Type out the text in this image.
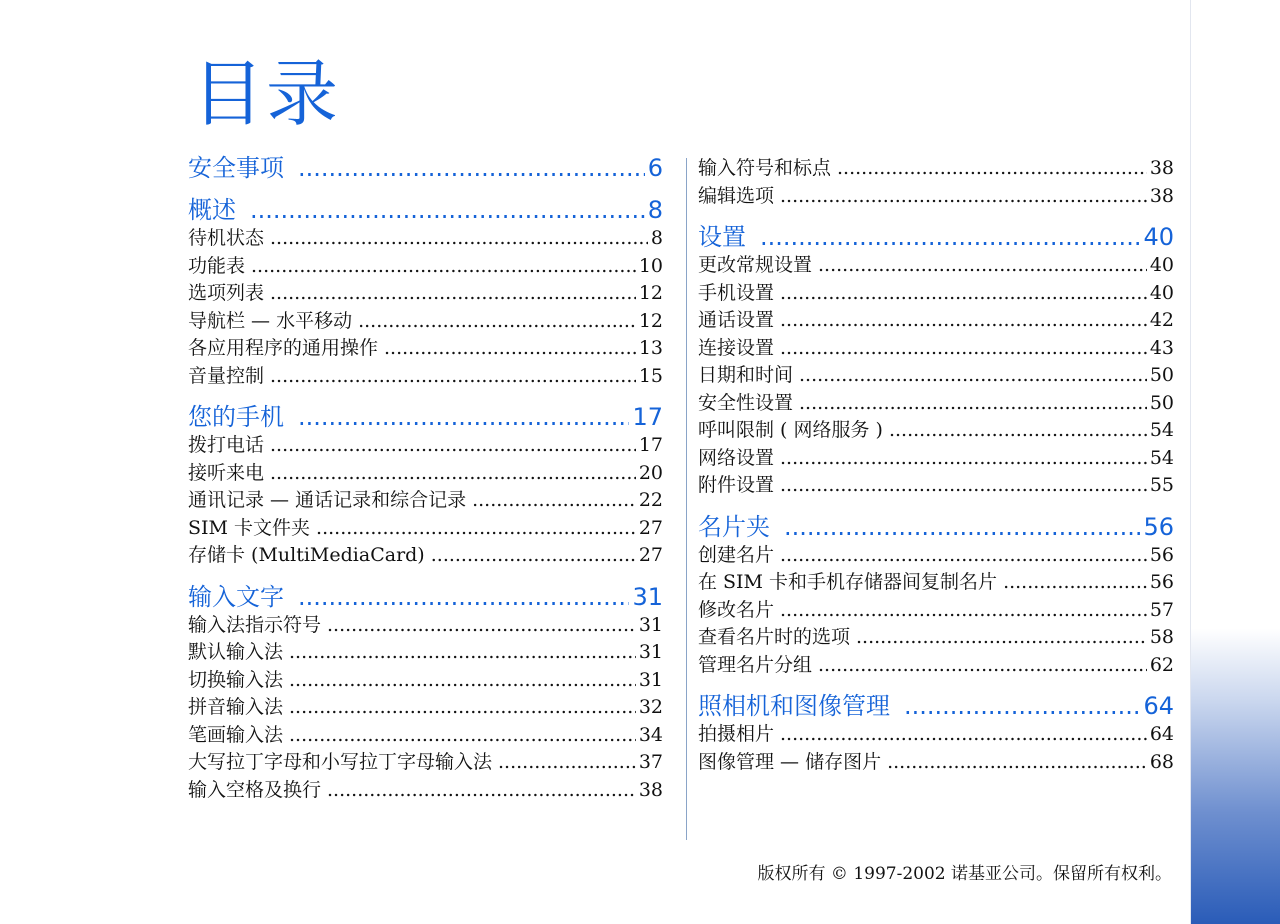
目录
安全事项 .....	6
概述 .....	8
待机状态 .....	8
功能表 .....	10
选项列表 .....	12
导航栏 — 水平移动 .....	12
各应用程序的通用操作 .....	13
音量控制 .....	15
您的手机 .....	17
拨打电话 .....	17
接听来电 .....	20
通讯记录 — 通话记录和综合记录 .....	22
SIM 卡文件夹 .....	27
存储卡 (MultiMediaCard) .....	27
输入文字 .....	31
输入法指示符号 .....	31
默认输入法 .....	31
切换输入法 .....	31
拼音输入法 .....	32
笔画输入法 .....	34
大写拉丁字母和小写拉丁字母输入法 .....	37
输入空格及换行 .....	38
输入符号和标点 .....	38
编辑选项 .....	38
设置 .....	40
更改常规设置 .....	40
手机设置 .....	40
通话设置 .....	42
连接设置 .....	43
日期和时间 .....	50
安全性设置 .....	50
呼叫限制 ( 网络服务 ) .....	54
网络设置 .....	54
附件设置 .....	55
名片夹 .....	56
创建名片 .....	56
在 SIM 卡和手机存储器间复制名片 .....	56
修改名片 .....	57
查看名片时的选项 .....	58
管理名片分组 .....	62
照相机和图像管理 .....	64
拍摄相片 .....	64
图像管理 — 储存图片 .....	68
版权所有 © 1997-2002 诺基亚公司。保留所有权利。
